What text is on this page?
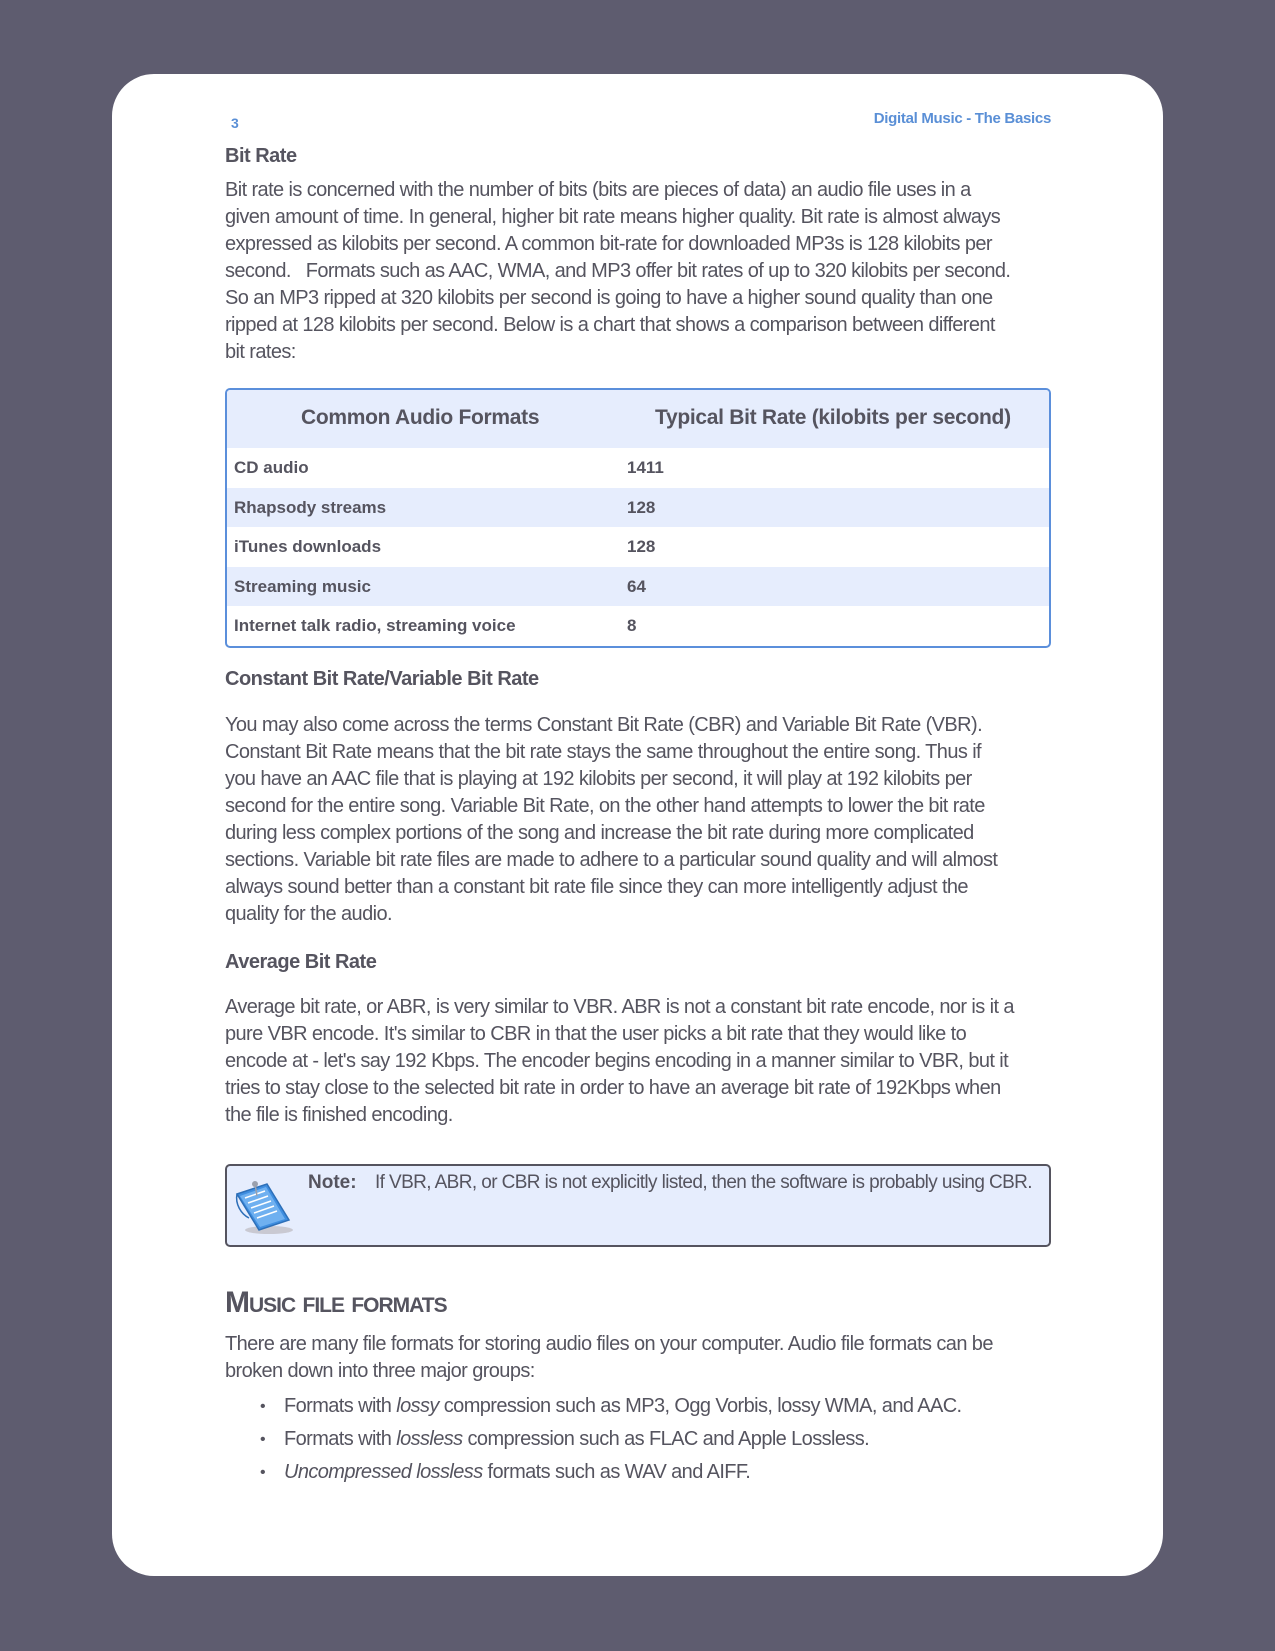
3	Digital Music - The Basics
Bit Rate

Bit rate is concerned with the number of bits (bits are pieces of data) an audio file uses in a
given amount of time. In general, higher bit rate means higher quality. Bit rate is almost always
expressed as kilobits per second. A common bit-rate for downloaded MP3s is 128 kilobits per
second.   Formats such as AAC, WMA, and MP3 offer bit rates of up to 320 kilobits per second.
So an MP3 ripped at 320 kilobits per second is going to have a higher sound quality than one
ripped at 128 kilobits per second. Below is a chart that shows a comparison between different
bit rates:

Common Audio Formats	Typical Bit Rate (kilobits per second)
CD audio	1411
Rhapsody streams	128
iTunes downloads	128
Streaming music	64
Internet talk radio, streaming voice	8
Constant Bit Rate/Variable Bit Rate

You may also come across the terms Constant Bit Rate (CBR) and Variable Bit Rate (VBR).
Constant Bit Rate means that the bit rate stays the same throughout the entire song. Thus if
you have an AAC file that is playing at 192 kilobits per second, it will play at 192 kilobits per
second for the entire song. Variable Bit Rate, on the other hand attempts to lower the bit rate
during less complex portions of the song and increase the bit rate during more complicated
sections. Variable bit rate files are made to adhere to a particular sound quality and will almost
always sound better than a constant bit rate file since they can more intelligently adjust the
quality for the audio.

Average Bit Rate

Average bit rate, or ABR, is very similar to VBR. ABR is not a constant bit rate encode, nor is it a
pure VBR encode. It's similar to CBR in that the user picks a bit rate that they would like to
encode at - let's say 192 Kbps. The encoder begins encoding in a manner similar to VBR, but it
tries to stay close to the selected bit rate in order to have an average bit rate of 192Kbps when
the file is finished encoding.

Note: If VBR, ABR, or CBR is not explicitly listed, then the software is probably using CBR.
Music file formats

There are many file formats for storing audio files on your computer. Audio file formats can be
broken down into three major groups:

• Formats with lossy compression such as MP3, Ogg Vorbis, lossy WMA, and AAC.
• Formats with lossless compression such as FLAC and Apple Lossless.
• Uncompressed lossless formats such as WAV and AIFF.
